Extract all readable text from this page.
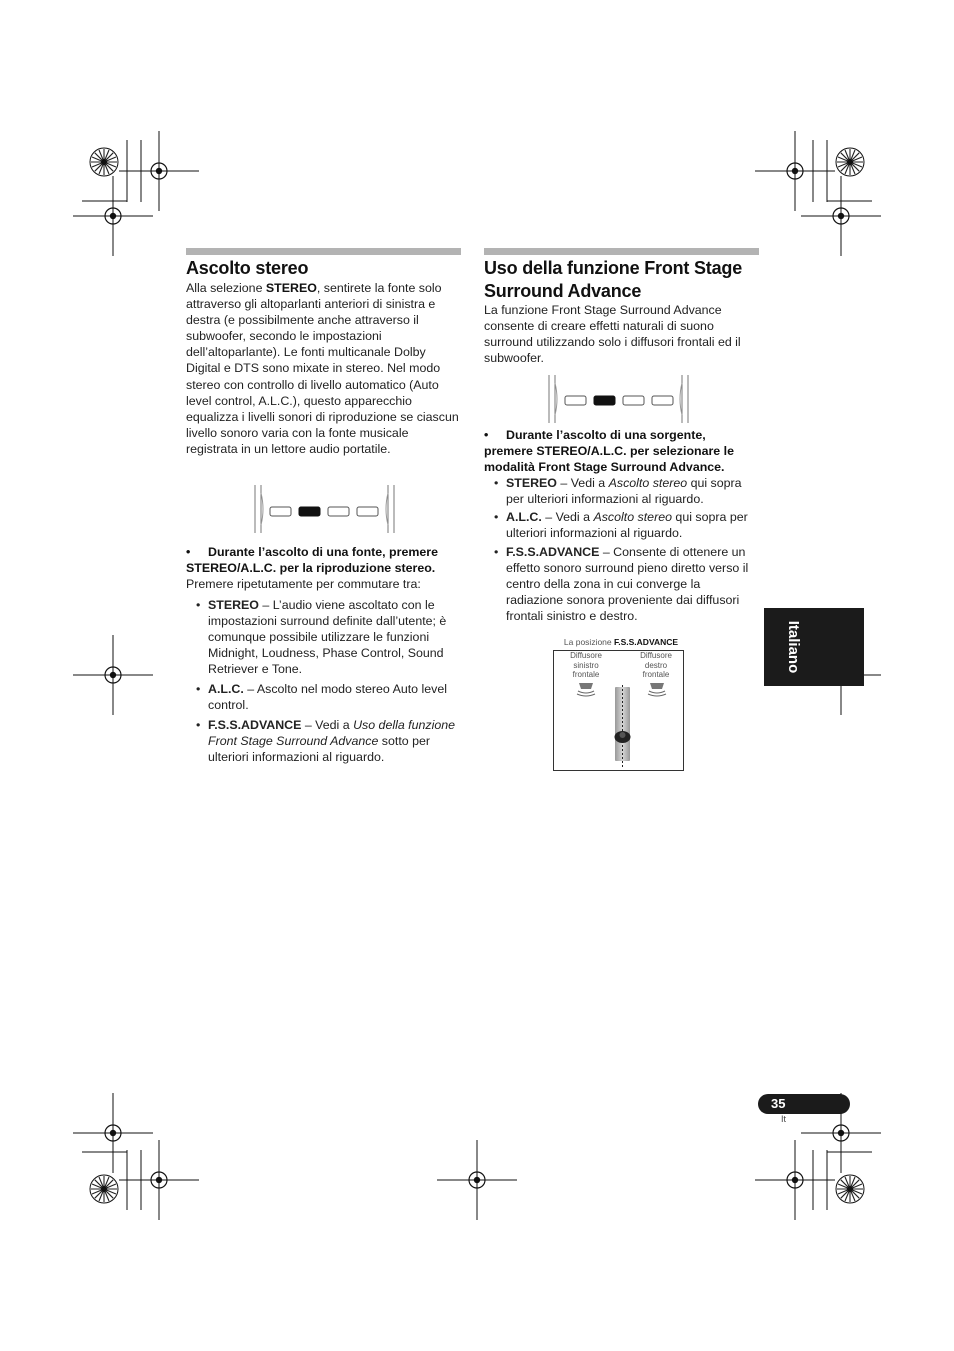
Ascolto stereo

Alla selezione STEREO, sentirete la fonte solo attraverso gli altoparlanti anteriori di sinistra e destra (e possibilmente anche attraverso il subwoofer, secondo le impostazioni dell’altoparlante). Le fonti multicanale Dolby Digital e DTS sono mixate in stereo. Nel modo stereo con controllo di livello automatico (Auto level control, A.L.C.), questo apparecchio equalizza i livelli sonori di riproduzione se ciascun livello sonoro varia con la fonte musicale registrata in un lettore audio portatile.

•	Durante l’ascolto di una fonte, premere STEREO/A.L.C. per la riproduzione stereo.
Premere ripetutamente per commutare tra:
• STEREO – L’audio viene ascoltato con le impostazioni surround definite dall’utente; è comunque possibile utilizzare le funzioni Midnight, Loudness, Phase Control, Sound Retriever e Tone.
• A.L.C. – Ascolto nel modo stereo Auto level control.
• F.S.S.ADVANCE – Vedi a Uso della funzione Front Stage Surround Advance sotto per ulteriori informazioni al riguardo.
Uso della funzione Front Stage Surround Advance

La funzione Front Stage Surround Advance consente di creare effetti naturali di suono surround utilizzando solo i diffusori frontali ed il subwoofer.

•	Durante l’ascolto di una sorgente, premere STEREO/A.L.C. per selezionare le modalità Front Stage Surround Advance.
• STEREO – Vedi a Ascolto stereo qui sopra per ulteriori informazioni al riguardo.
• A.L.C. – Vedi a Ascolto stereo qui sopra per ulteriori informazioni al riguardo.
• F.S.S.ADVANCE – Consente di ottenere un effetto sonoro surround pieno diretto verso il centro della zona in cui converge la radiazione sonora proveniente dai diffusori frontali sinistro e destro.
La posizione F.S.S.ADVANCE
Diffusore
sinistro
frontale
Diffusore
destro
frontale
Italiano
35
It
